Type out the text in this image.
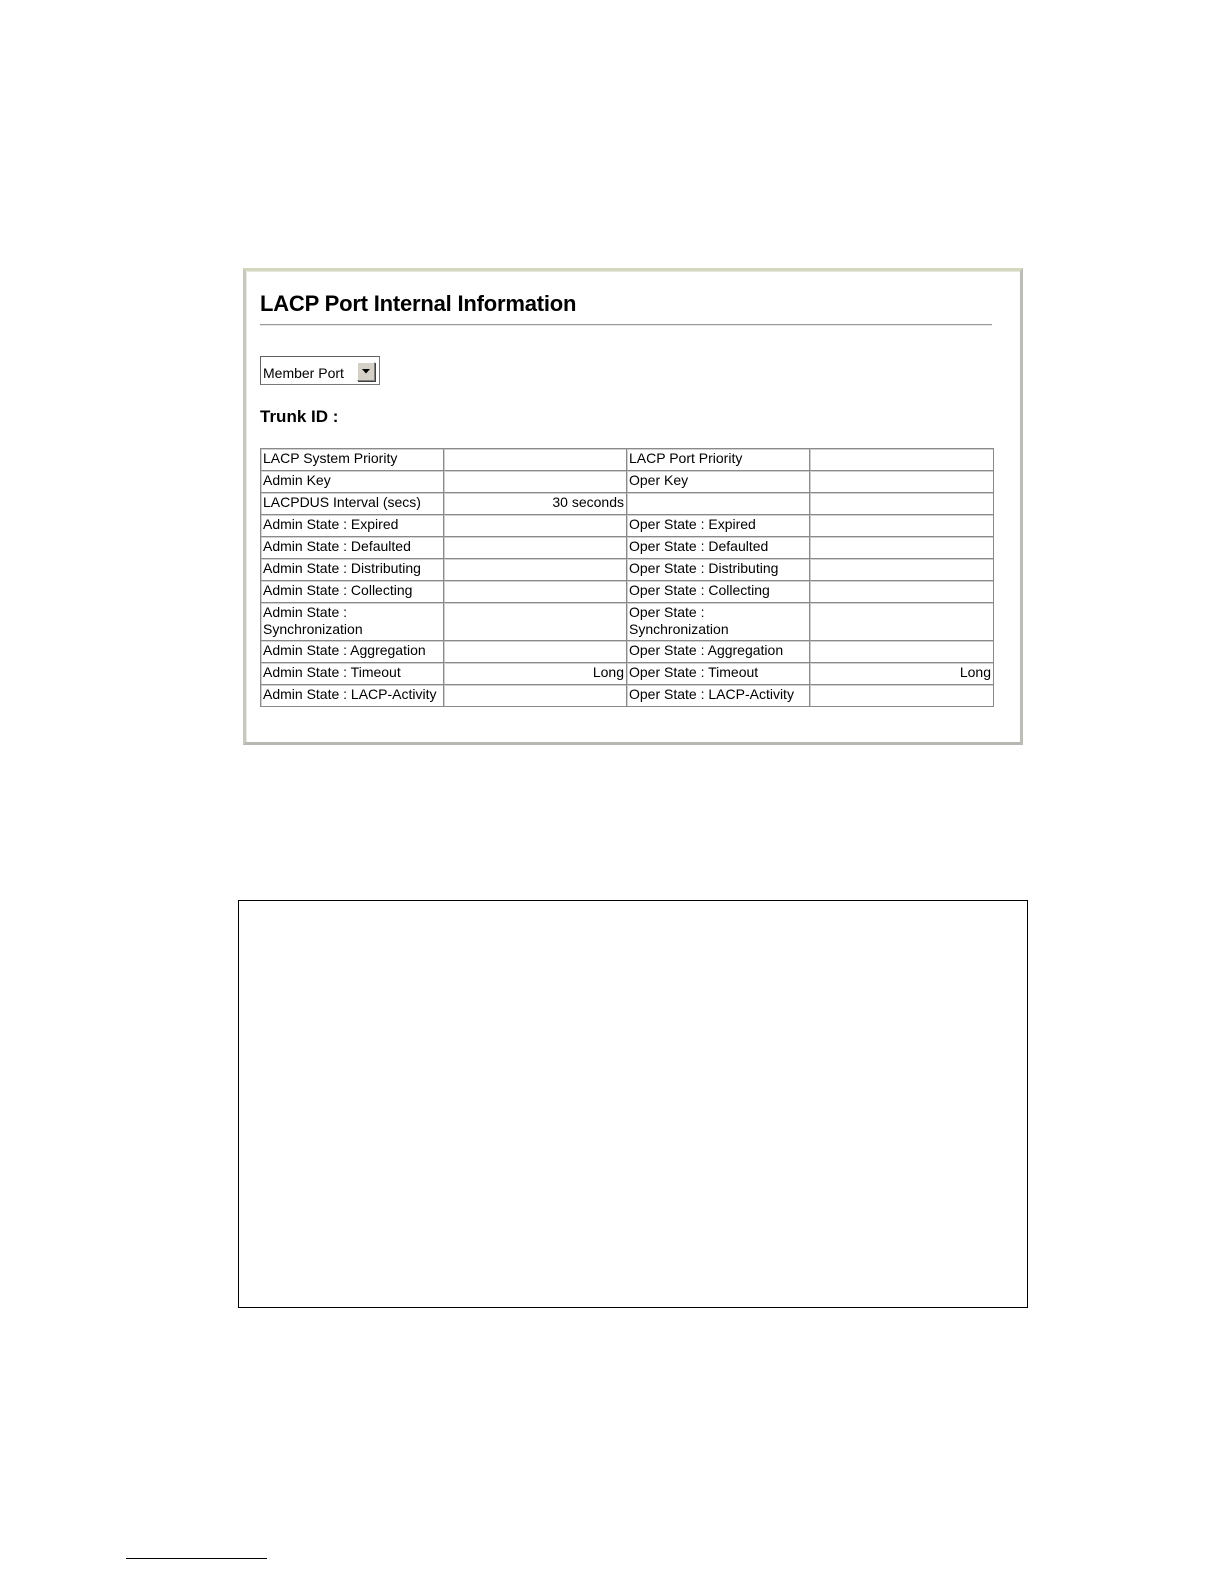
LACP Port Internal Information
Member Port
Trunk ID :
LACP System Priority		LACP Port Priority	
Admin Key		Oper Key	
LACPDUS Interval (secs)	30 seconds		
Admin State : Expired		Oper State : Expired	
Admin State : Defaulted		Oper State : Defaulted	
Admin State : Distributing		Oper State : Distributing	
Admin State : Collecting		Oper State : Collecting	
Admin State : Synchronization		Oper State : Synchronization	
Admin State : Aggregation		Oper State : Aggregation	
Admin State : Timeout	Long	Oper State : Timeout	Long
Admin State : LACP-Activity		Oper State : LACP-Activity	
